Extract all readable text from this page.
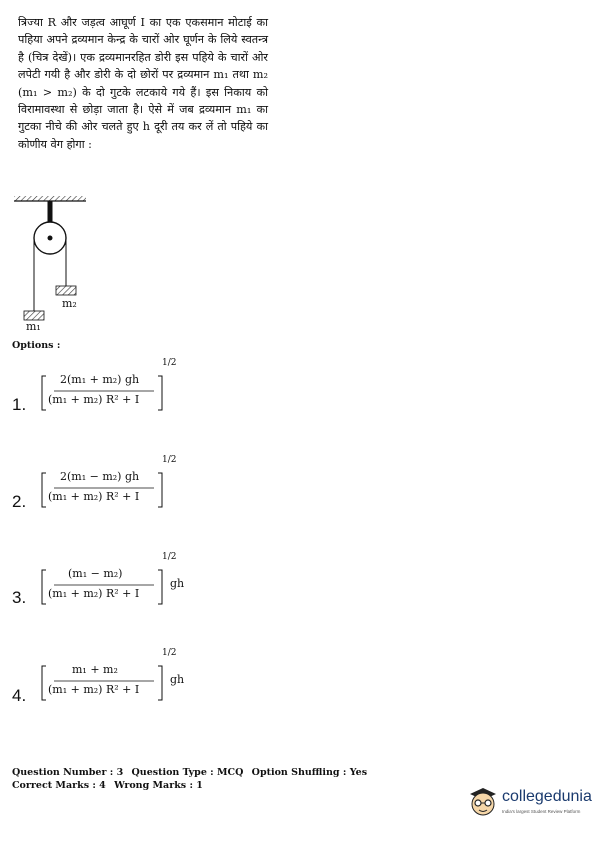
त्रिज्या R और जड़त्व आघूर्ण I का एक एकसमान मोटाई का पहिया अपने द्रव्यमान केन्द्र के चारों ओर घूर्णन के लिये स्वतन्त्र है (चित्र देखें)। एक द्रव्यमानरहित डोरी इस पहिये के चारों ओर लपेटी गयी है और डोरी के दो छोरों पर द्रव्यमान m₁ तथा m₂ (m₁ > m₂) के दो गुटके लटकाये गये हैं। इस निकाय को विरामावस्था से छोड़ा जाता है। ऐसे में जब द्रव्यमान m₁ का गुटका नीचे की ओर चलते हुए h दूरी तय कर लें तो पहिये का कोणीय वेग होगा :

m₁
m₂
Options :
1.
2(m₁ + m₂) gh
(m₁ + m₂) R² + I
1/2
2.
2(m₁ − m₂) gh
(m₁ + m₂) R² + I
1/2
3.
(m₁ − m₂)
(m₁ + m₂) R² + I
1/2
gh
4.
m₁ + m₂
(m₁ + m₂) R² + I
1/2
gh
Question Number : 3 Question Type : MCQ Option Shuffling : Yes
Correct Marks : 4 Wrong Marks : 1
collegedunia
India's largest Student Review Platform
